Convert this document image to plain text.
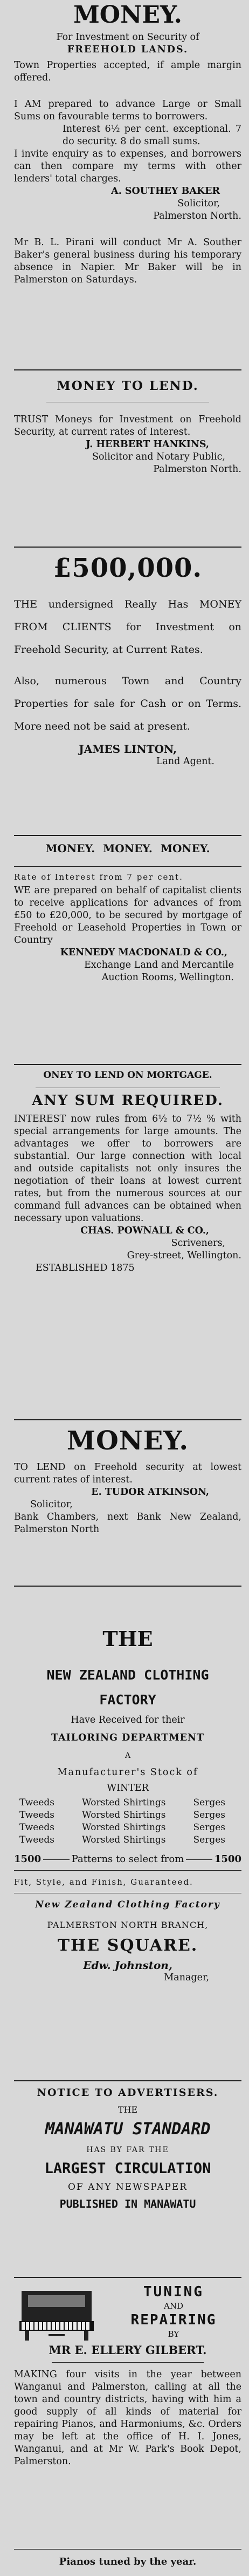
MONEY.
For Investment on Security of
FREEHOLD LANDS.
Town Properties accepted, if ample margin offered.
I AM prepared to advance Large or Small Sums on favourable terms to borrowers.
Interest 6½ per cent. exceptional. 7 do security. 8 do small sums.
I invite enquiry as to expenses, and borrowers can then compare my terms with other lenders' total charges.
A. SOUTHEY BAKER
Solicitor,
Palmerston North.
Mr B. L. Pirani will conduct Mr A. Souther Baker's general business during his temporary absence in Napier. Mr Baker will be in Palmerston on Saturdays.
MONEY TO LEND.
TRUST Moneys for Investment on Freehold Security, at current rates of Interest.
J. HERBERT HANKINS,
Solicitor and Notary Public,
Palmerston North.
£500,000.
THE undersigned Really Has MONEY FROM CLIENTS for Investment on Freehold Security, at Current Rates.
Also, numerous Town and Country Properties for sale for Cash or on Terms. More need not be said at present.
JAMES LINTON,
Land Agent.
MONEY. MONEY. MONEY.
Rate of Interest from 7 per cent.
WE are prepared on behalf of capitalist clients to receive applications for advances of from £50 to £20,000, to be secured by mortgage of Freehold or Leasehold Properties in Town or Country
KENNEDY MACDONALD & CO.,
Exchange Land and Mercantile
Auction Rooms, Wellington.
ONEY TO LEND ON MORTGAGE.
ANY SUM REQUIRED.
INTEREST now rules from 6½ to 7½ % with special arrangements for large amounts. The advantages we offer to borrowers are substantial. Our large connection with local and outside capitalists not only insures the negotiation of their loans at lowest current rates, but from the numerous sources at our command full advances can be obtained when necessary upon valuations.
CHAS. POWNALL & CO.,
Scriveners,
Grey-street, Wellington.
ESTABLISHED 1875
MONEY.
TO LEND on Freehold security at lowest current rates of interest.
E. TUDOR ATKINSON,
Solicitor,
Bank Chambers, next Bank New Zealand, Palmerston North
THE
NEW ZEALAND CLOTHING
FACTORY
Have Received for their
TAILORING DEPARTMENT
A
Manufacturer's Stock of
WINTER
Tweeds	Worsted Shirtings	Serges
Tweeds	Worsted Shirtings	Serges
Tweeds	Worsted Shirtings	Serges
Tweeds	Worsted Shirtings	Serges
1500	Patterns to select from	1500
Fit, Style, and Finish, Guaranteed.
New Zealand Clothing Factory
PALMERSTON NORTH BRANCH,
THE SQUARE.
Edw. Johnston,
Manager,
NOTICE TO ADVERTISERS.
THE
MANAWATU STANDARD
HAS BY FAR THE
LARGEST CIRCULATION
OF ANY NEWSPAPER
PUBLISHED IN MANAWATU
TUNING
AND
REPAIRING
BY
MR E. ELLERY GILBERT.
MAKING four visits in the year between Wanganui and Palmerston, calling at all the town and country districts, having with him a good supply of all kinds of material for repairing Pianos, and Harmoniums, &c. Orders may be left at the office of H. I. Jones, Wanganui, and at Mr W. Park's Book Depot, Palmerston.
Pianos tuned by the year.
